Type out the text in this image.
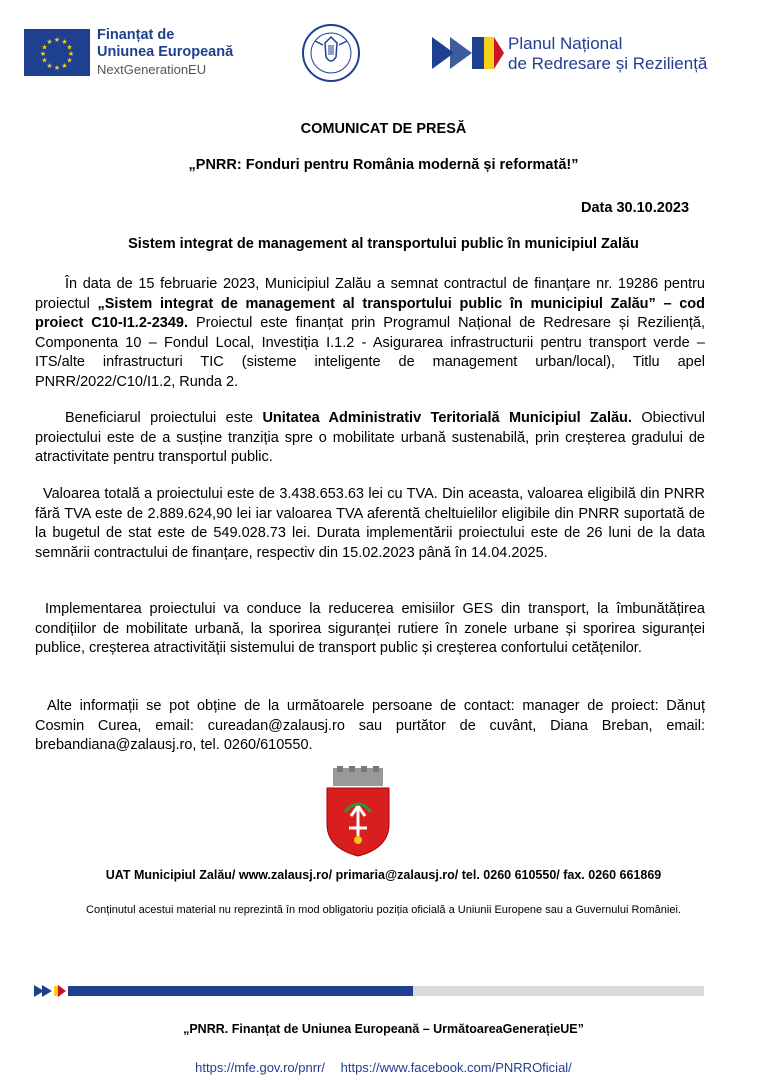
★ ★
★
★
★
★
★
★
★
★
★
★	Finanțat de
Uniunea Europeană
NextGenerationEU
Planul Național
de Redresare și Reziliență
COMUNICAT DE PRESĂ
„PNRR: Fonduri pentru România modernă și reformată!”
Data 30.10.2023
Sistem integrat de management al transportului public în municipiul Zalău
În data de 15 februarie 2023, Municipiul Zalău a semnat contractul de finanțare nr. 19286 pentru proiectul „Sistem integrat de management al transportului public în municipiul Zalău” – cod proiect C10-I1.2-2349. Proiectul este finanțat prin Programul Național de Redresare și Reziliență, Componenta 10 – Fondul Local, Investiția I.1.2 - Asigurarea infrastructurii pentru transport verde – ITS/alte infrastructuri TIC (sisteme inteligente de management urban/local), Titlu apel PNRR/2022/C10/I1.2, Runda 2.
Beneficiarul proiectului este Unitatea Administrativ Teritorială Municipiul Zalău. Obiectivul proiectului este de a susține tranziția spre o mobilitate urbană sustenabilă, prin creșterea gradului de atractivitate pentru transportul public.
Valoarea totală a proiectului este de 3.438.653.63 lei cu TVA. Din aceasta, valoarea eligibilă din PNRR fără TVA este de 2.889.624,90 lei iar valoarea TVA aferentă cheltuielilor eligibile din PNRR suportată de la bugetul de stat este de 549.028.73 lei. Durata implementării proiectului este de 26 luni de la data semnării contractului de finanțare, respectiv din 15.02.2023 până în 14.04.2025.
Implementarea proiectului va conduce la reducerea emisiilor GES din transport, la îmbunătățirea condițiilor de mobilitate urbană, la sporirea siguranței rutiere în zonele urbane și sporirea siguranței publice, creșterea atractivității sistemului de transport public și creșterea confortului cetățenilor.
Alte informații se pot obține de la următoarele persoane de contact: manager de proiect: Dănuț Cosmin Curea, email: cureadan@zalausj.ro sau purtător de cuvânt, Diana Breban, email: brebandiana@zalausj.ro, tel. 0260/610550.
UAT Municipiul Zalău/ www.zalausj.ro/ primaria@zalausj.ro/ tel. 0260 610550/ fax. 0260 661869
Conținutul acestui material nu reprezintă în mod obligatoriu poziția oficială a Uniunii Europene sau a Guvernului României.
„PNRR. Finanțat de Uniunea Europeană – UrmătoareaGenerațieUE”
https://mfe.gov.ro/pnrr/ https://www.facebook.com/PNRROficial/
